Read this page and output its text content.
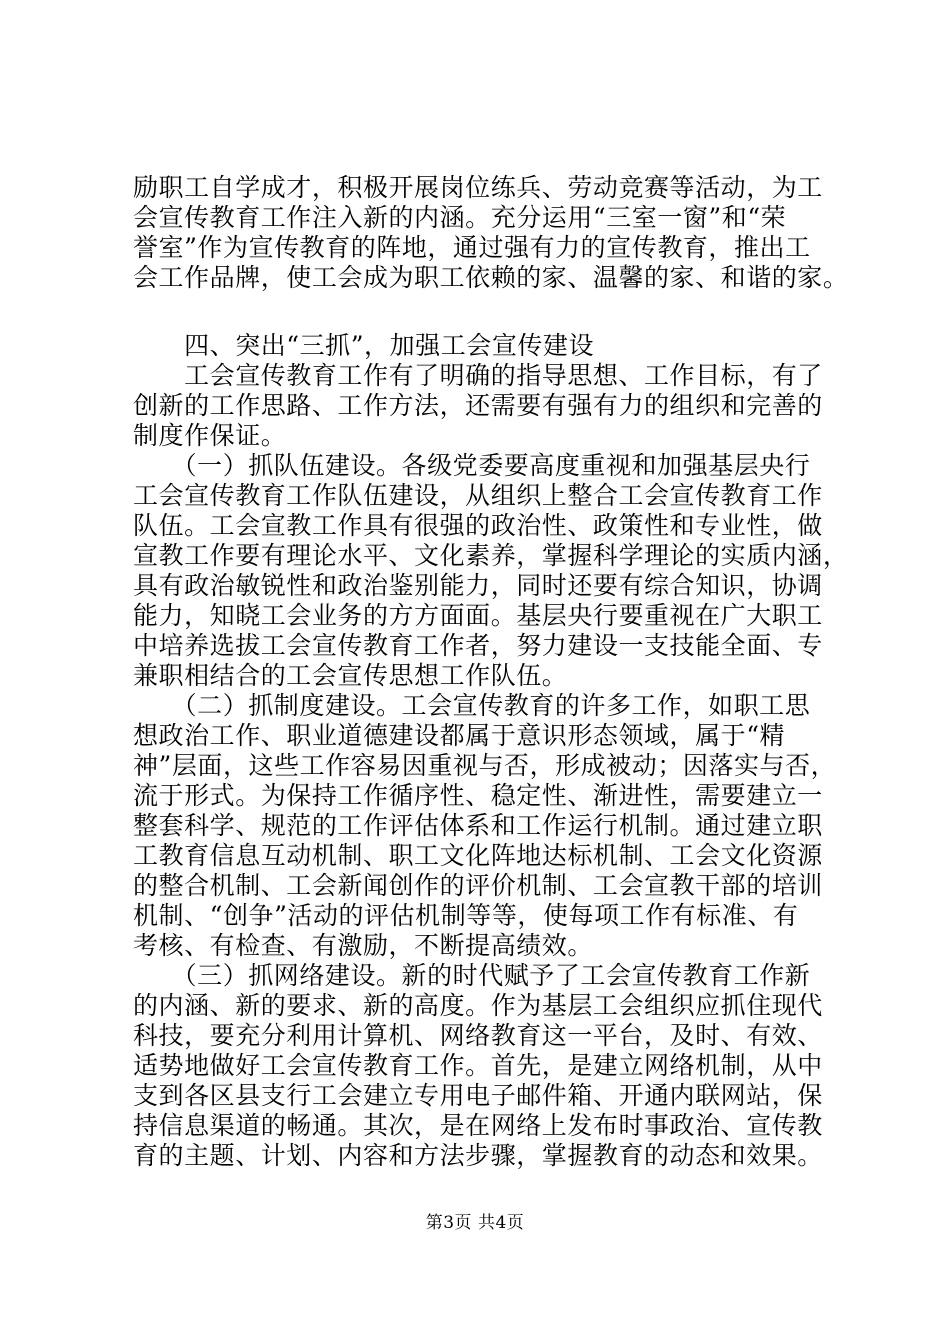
励职工自学成才，积极开展岗位练兵、劳动竞赛等活动，为工
会宣传教育工作注入新的内涵。充分运用“三室一窗”和“荣
誉室”作为宣传教育的阵地，通过强有力的宣传教育，推出工
会工作品牌，使工会成为职工依赖的家、温馨的家、和谐的家。
　　四、突出“三抓”，加强工会宣传建设
　　工会宣传教育工作有了明确的指导思想、工作目标，有了
创新的工作思路、工作方法，还需要有强有力的组织和完善的
制度作保证。
　　（一）抓队伍建设。各级党委要高度重视和加强基层央行
工会宣传教育工作队伍建设，从组织上整合工会宣传教育工作
队伍。工会宣教工作具有很强的政治性、政策性和专业性，做
宣教工作要有理论水平、文化素养，掌握科学理论的实质内涵，
具有政治敏锐性和政治鉴别能力，同时还要有综合知识，协调
能力，知晓工会业务的方方面面。基层央行要重视在广大职工
中培养选拔工会宣传教育工作者，努力建设一支技能全面、专
兼职相结合的工会宣传思想工作队伍。
　　（二）抓制度建设。工会宣传教育的许多工作，如职工思
想政治工作、职业道德建设都属于意识形态领域，属于“精
神”层面，这些工作容易因重视与否，形成被动；因落实与否，
流于形式。为保持工作循序性、稳定性、渐进性，需要建立一
整套科学、规范的工作评估体系和工作运行机制。通过建立职
工教育信息互动机制、职工文化阵地达标机制、工会文化资源
的整合机制、工会新闻创作的评价机制、工会宣教干部的培训
机制、“创争”活动的评估机制等等，使每项工作有标准、有
考核、有检查、有激励，不断提高绩效。
　　（三）抓网络建设。新的时代赋予了工会宣传教育工作新
的内涵、新的要求、新的高度。作为基层工会组织应抓住现代
科技，要充分利用计算机、网络教育这一平台，及时、有效、
适势地做好工会宣传教育工作。首先，是建立网络机制，从中
支到各区县支行工会建立专用电子邮件箱、开通内联网站，保
持信息渠道的畅通。其次，是在网络上发布时事政治、宣传教
育的主题、计划、内容和方法步骤，掌握教育的动态和效果。
第3页 共4页
